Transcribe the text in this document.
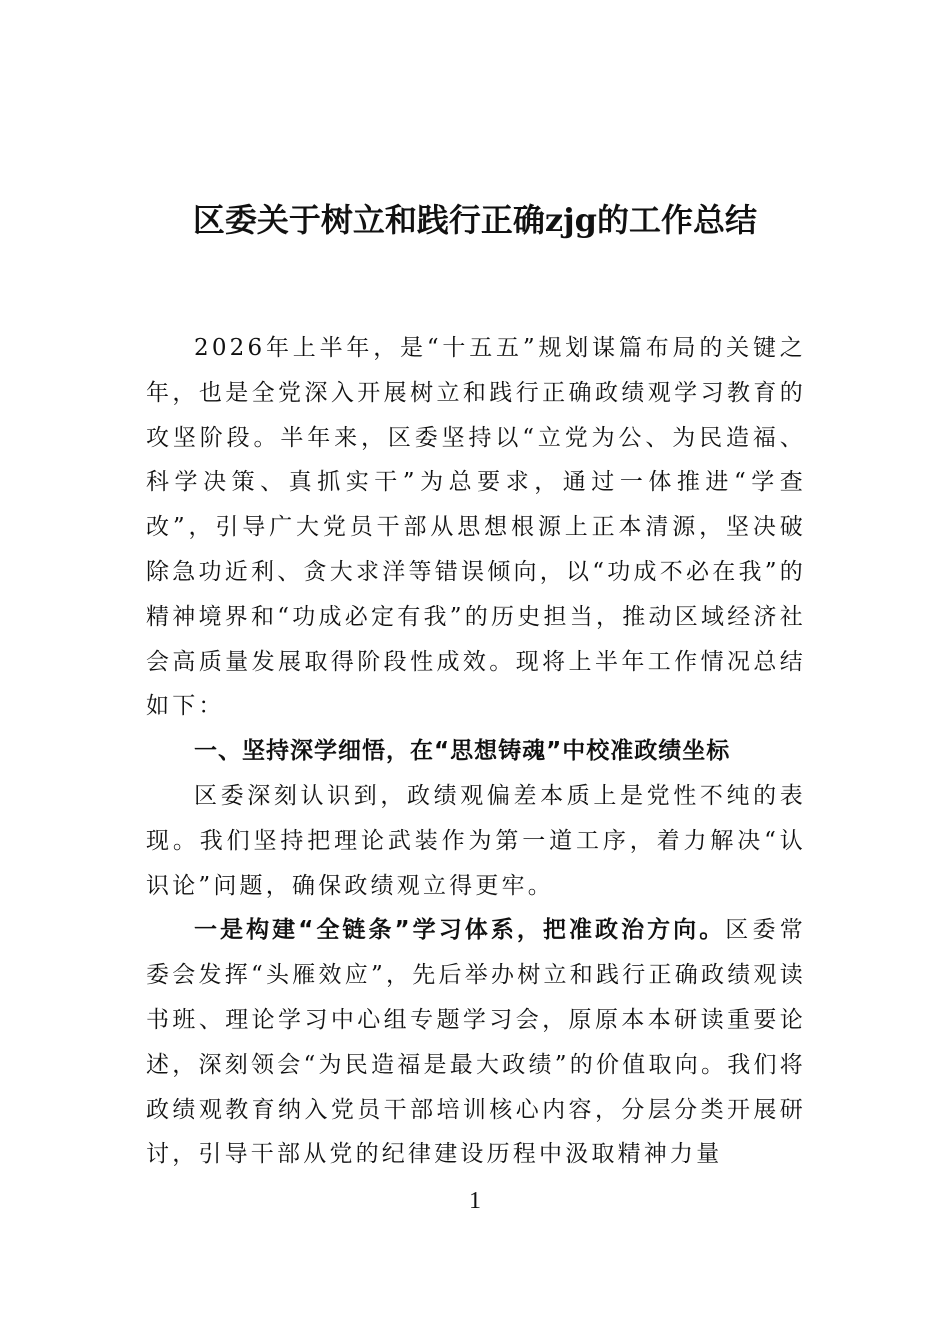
区委关于树立和践行正确zjg的工作总结

2026年上半年，是“十五五”规划谋篇布局的关键之年，也是全党深入开展树立和践行正确政绩观学习教育的攻坚阶段。半年来，区委坚持以“立党为公、为民造福、科学决策、真抓实干”为总要求，通过一体推进“学查改”，引导广大党员干部从思想根源上正本清源，坚决破除急功近利、贪大求洋等错误倾向，以“功成不必在我”的精神境界和“功成必定有我”的历史担当，推动区域经济社会高质量发展取得阶段性成效。现将上半年工作情况总结如下：

一、坚持深学细悟，在“思想铸魂”中校准政绩坐标

区委深刻认识到，政绩观偏差本质上是党性不纯的表现。我们坚持把理论武装作为第一道工序，着力解决“认识论”问题，确保政绩观立得更牢。

一是构建“全链条”学习体系，把准政治方向。区委常委会发挥“头雁效应”，先后举办树立和践行正确政绩观读书班、理论学习中心组专题学习会，原原本本研读重要论述，深刻领会“为民造福是最大政绩”的价值取向。我们将政绩观教育纳入党员干部培训核心内容，分层分类开展研讨，引导干部从党的纪律建设历程中汲取精神力量

1
